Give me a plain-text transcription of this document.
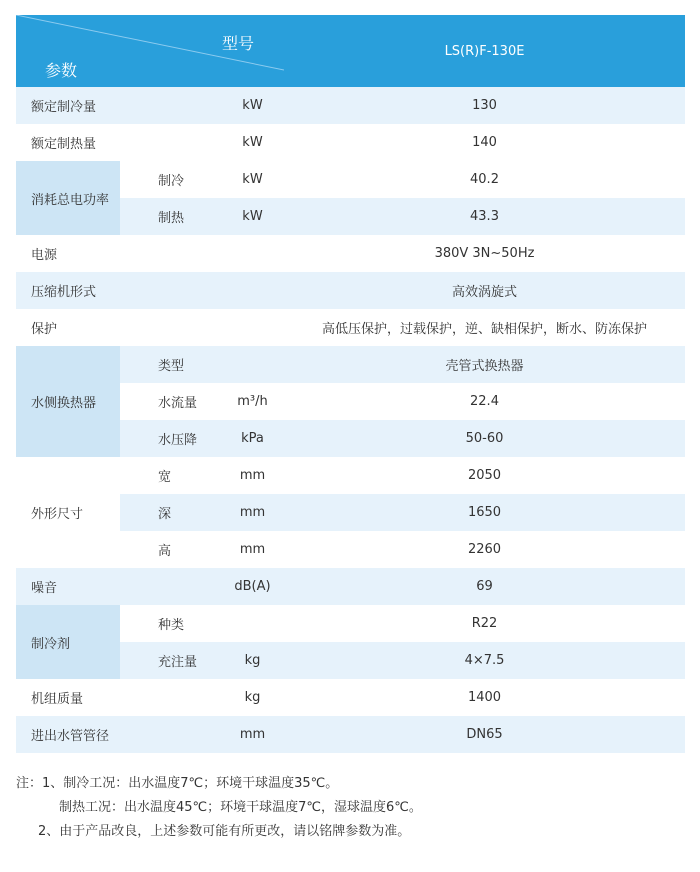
型号
参数			LS(R)F-130E
额定制冷量		kW	130
额定制热量		kW	140
消耗总电功率	制冷	kW	40.2
	制热	kW	43.3
电源			380V 3N~50Hz
压缩机形式			高效涡旋式
保护			高低压保护，过载保护，逆、缺相保护，断水、防冻保护
水侧换热器	类型		壳管式换热器
	水流量	m³/h	22.4
	水压降	kPa	50-60
外形尺寸	宽	mm	2050
	深	mm	1650
	高	mm	2260
噪音		dB(A)	69
制冷剂	种类		R22
	充注量	kg	4×7.5
机组质量		kg	1400
进出水管管径		mm	DN65
注：1、制冷工况：出水温度7℃；环境干球温度35℃。
制热工况：出水温度45℃；环境干球温度7℃，湿球温度6℃。
2、由于产品改良，上述参数可能有所更改，请以铭牌参数为准。
